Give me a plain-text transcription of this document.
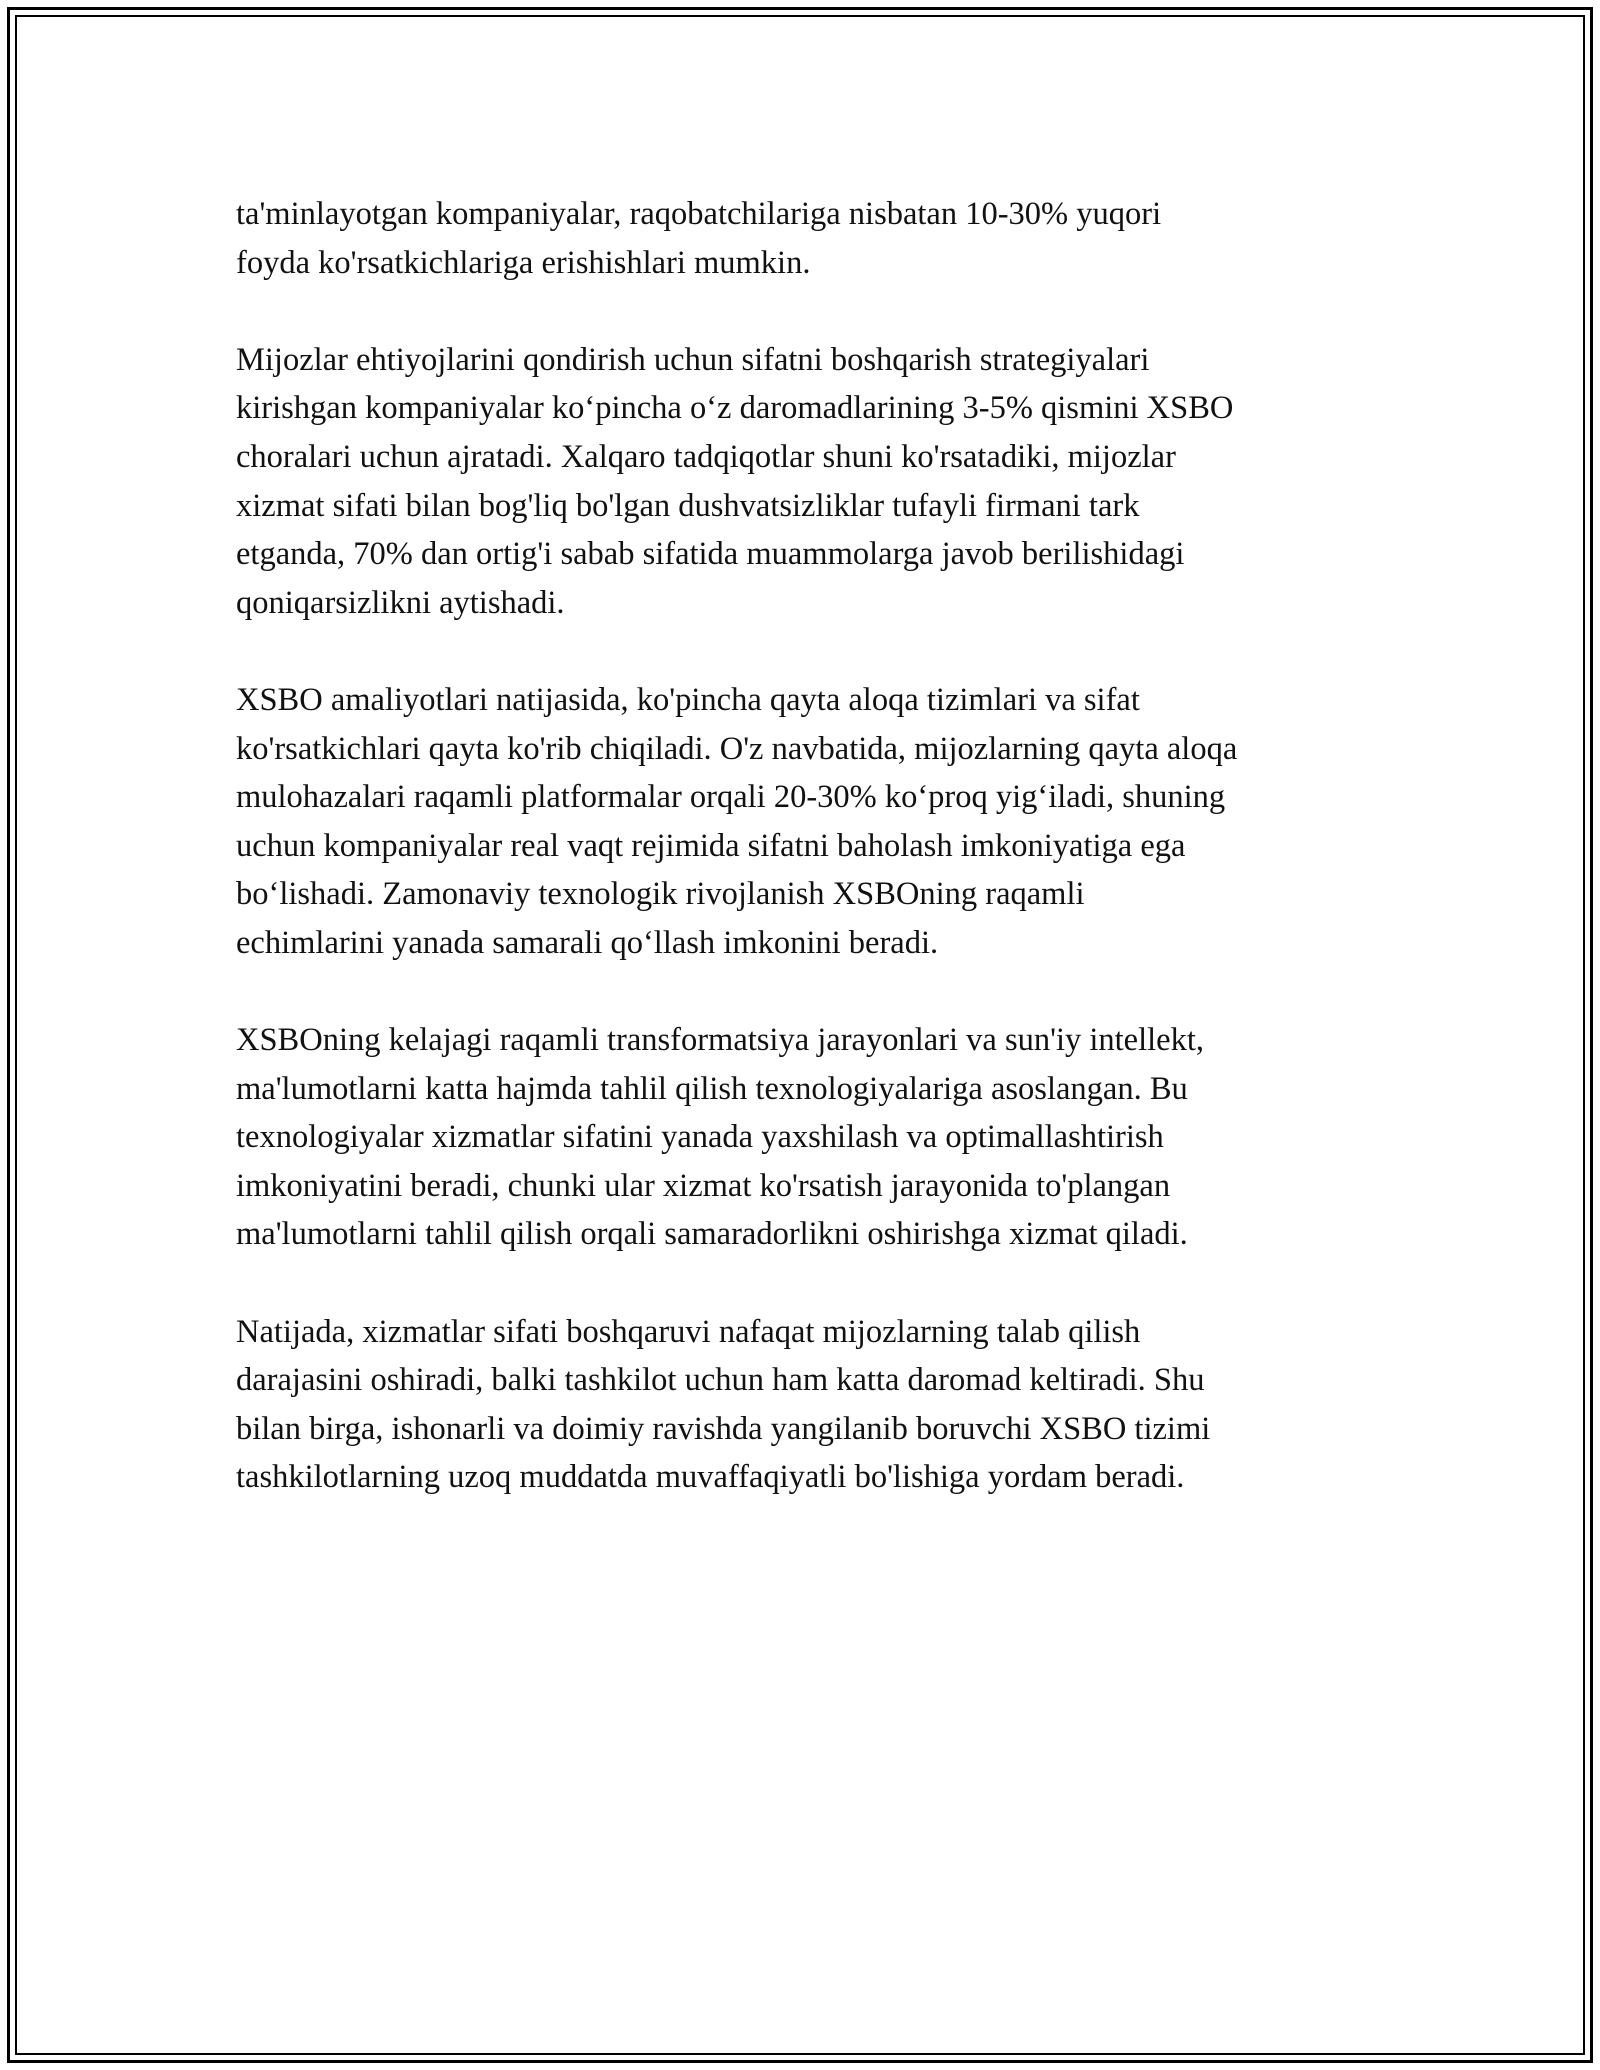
ta'minlayotgan kompaniyalar, raqobatchilariga nisbatan 10-30% yuqori
foyda ko'rsatkichlariga erishishlari mumkin.

Mijozlar ehtiyojlarini qondirish uchun sifatni boshqarish strategiyalari
kirishgan kompaniyalar ko‘pincha o‘z daromadlarining 3-5% qismini XSBO
choralari uchun ajratadi. Xalqaro tadqiqotlar shuni ko'rsatadiki, mijozlar
xizmat sifati bilan bog'liq bo'lgan dushvatsizliklar tufayli firmani tark
etganda, 70% dan ortig'i sabab sifatida muammolarga javob berilishidagi
qoniqarsizlikni aytishadi.

XSBO amaliyotlari natijasida, ko'pincha qayta aloqa tizimlari va sifat
ko'rsatkichlari qayta ko'rib chiqiladi. O'z navbatida, mijozlarning qayta aloqa
mulohazalari raqamli platformalar orqali 20-30% ko‘proq yig‘iladi, shuning
uchun kompaniyalar real vaqt rejimida sifatni baholash imkoniyatiga ega
bo‘lishadi. Zamonaviy texnologik rivojlanish XSBOning raqamli
echimlarini yanada samarali qo‘llash imkonini beradi.

XSBOning kelajagi raqamli transformatsiya jarayonlari va sun'iy intellekt,
ma'lumotlarni katta hajmda tahlil qilish texnologiyalariga asoslangan. Bu
texnologiyalar xizmatlar sifatini yanada yaxshilash va optimallashtirish
imkoniyatini beradi, chunki ular xizmat ko'rsatish jarayonida to'plangan
ma'lumotlarni tahlil qilish orqali samaradorlikni oshirishga xizmat qiladi.

Natijada, xizmatlar sifati boshqaruvi nafaqat mijozlarning talab qilish
darajasini oshiradi, balki tashkilot uchun ham katta daromad keltiradi. Shu
bilan birga, ishonarli va doimiy ravishda yangilanib boruvchi XSBO tizimi
tashkilotlarning uzoq muddatda muvaffaqiyatli bo'lishiga yordam beradi.
